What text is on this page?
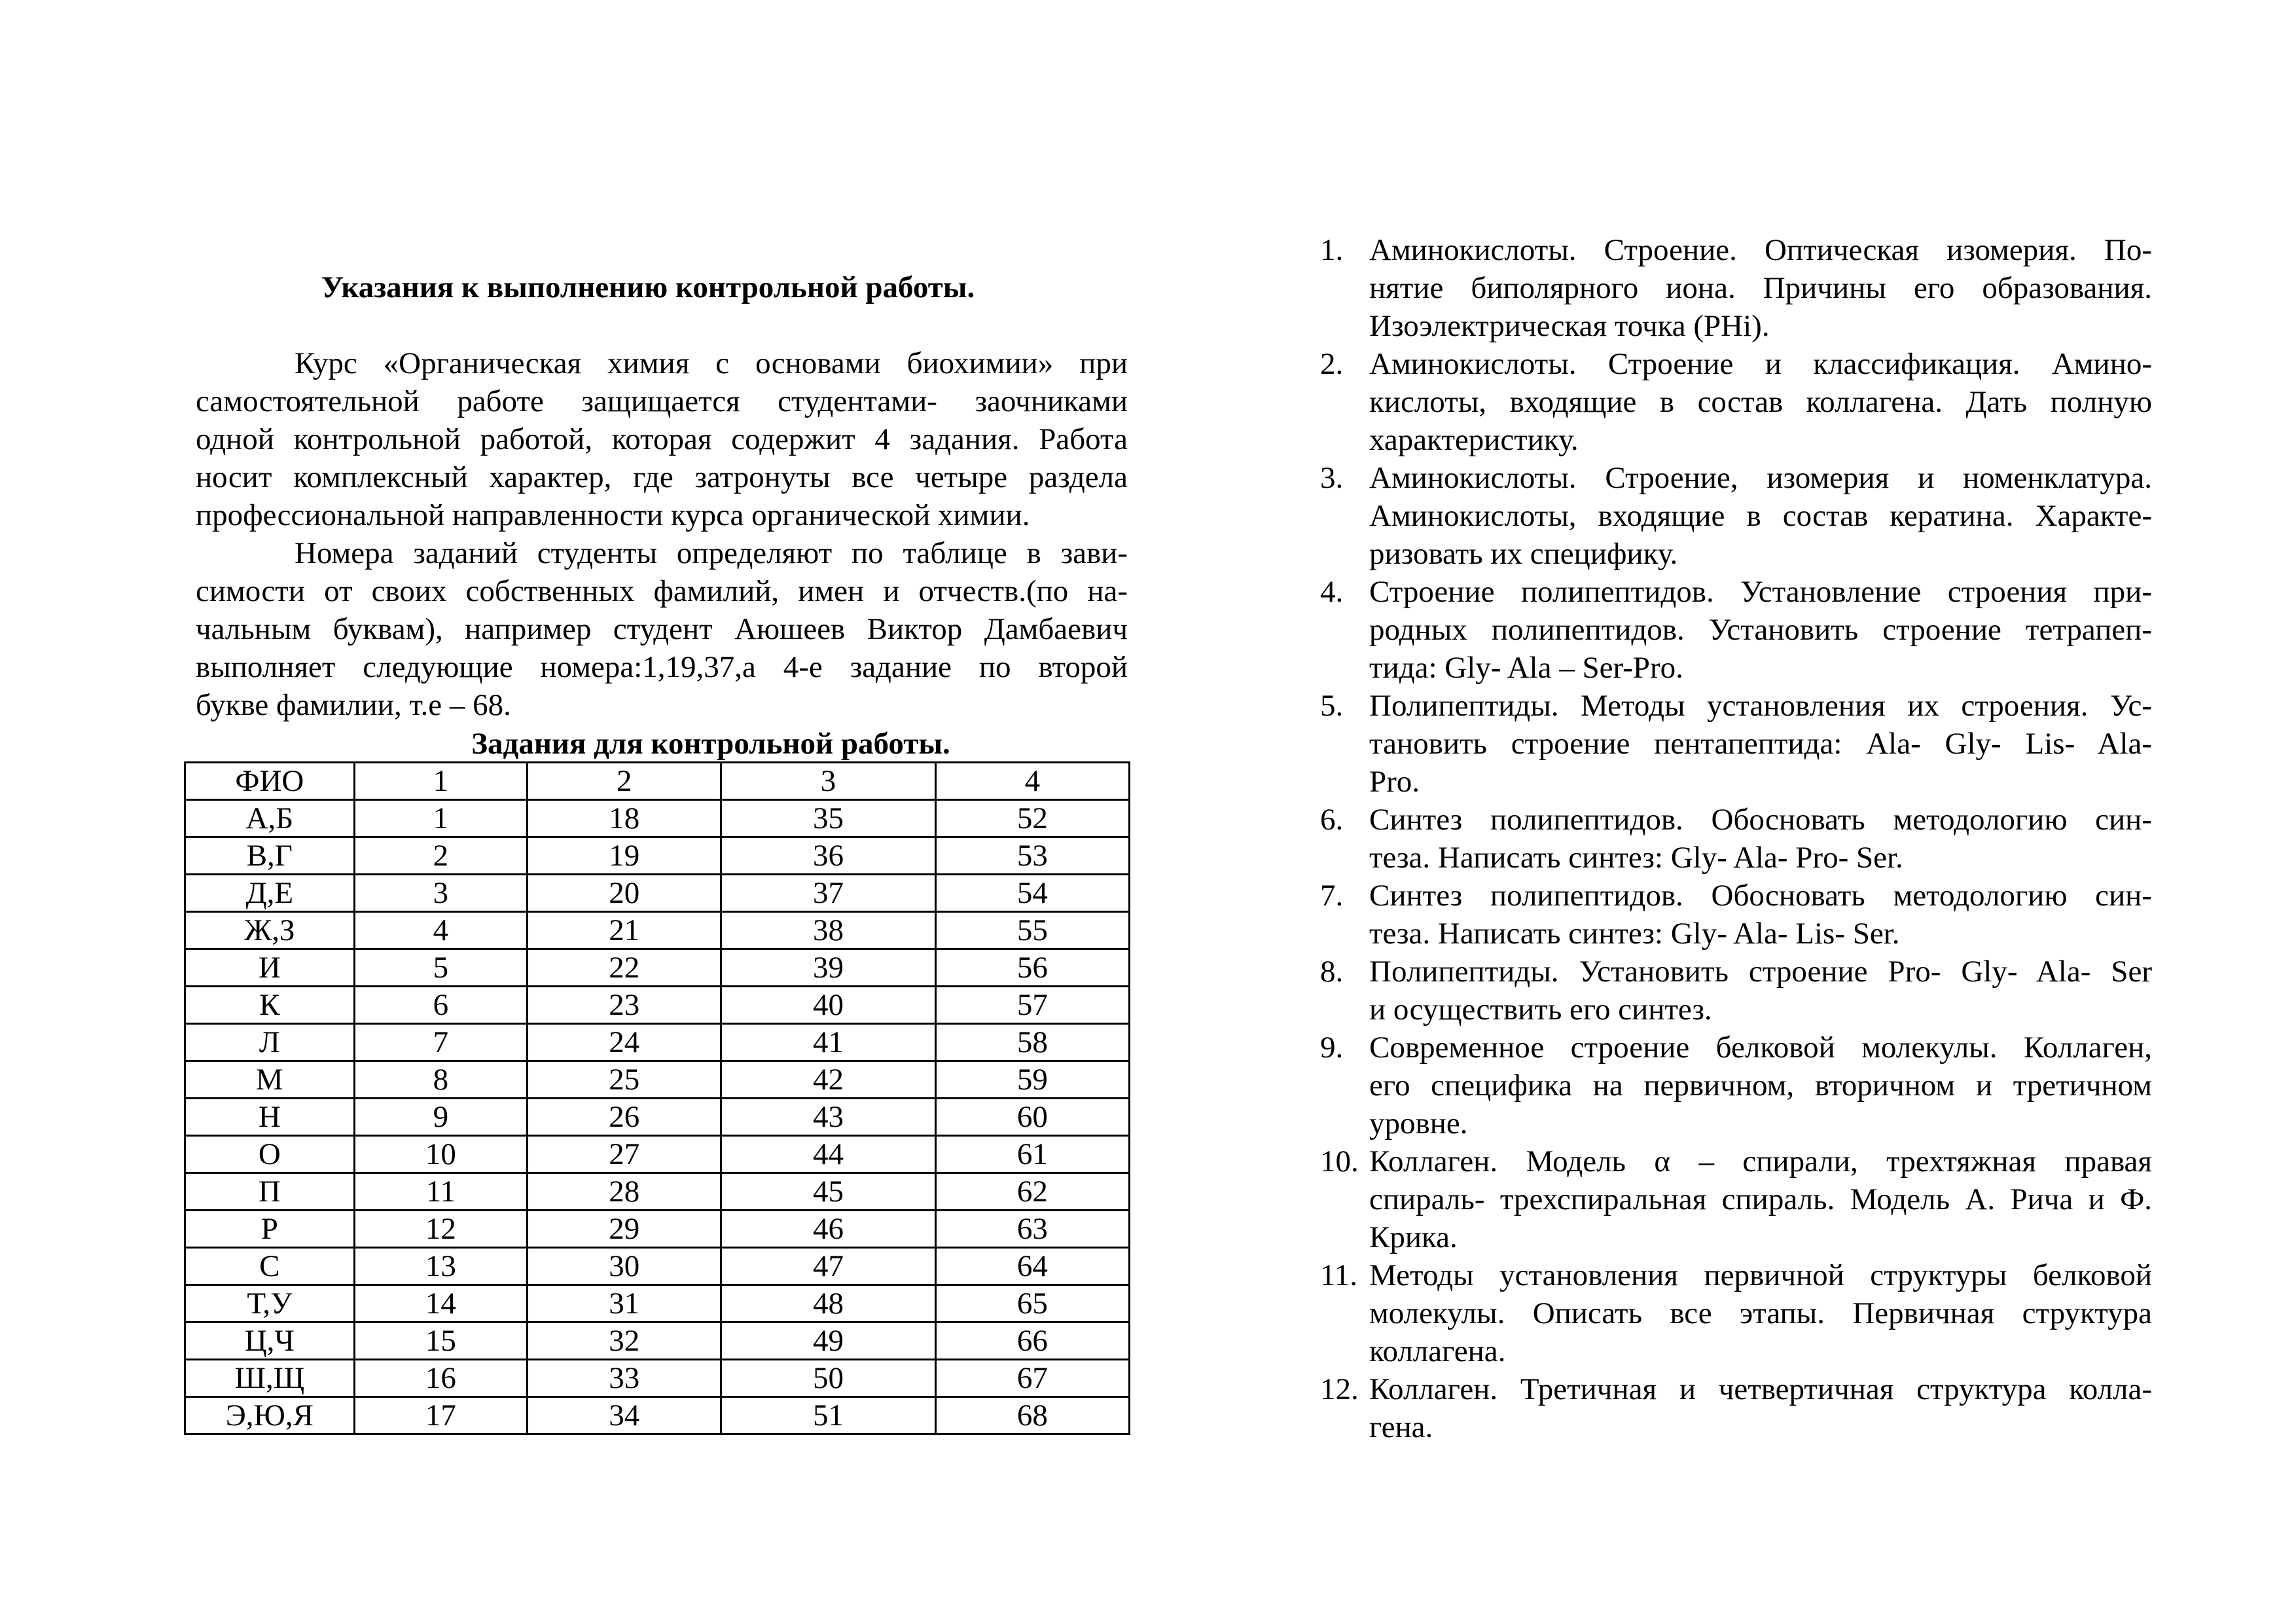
Указания к выполнению контрольной работы.
Курс «Органическая химия с основами биохимии» при
самостоятельной работе защищается студентами- заочниками
одной контрольной работой, которая содержит 4 задания. Работа
носит комплексный характер, где затронуты все четыре раздела
профессиональной направленности курса органической химии.
Номера заданий студенты определяют по таблице в зави-
симости от своих собственных фамилий, имен и отчеств.(по на-
чальным буквам), например студент Аюшеев Виктор Дамбаевич
выполняет следующие номера:1,19,37,а 4-е задание по второй
букве фамилии, т.е – 68.
Задания для контрольной работы.
ФИО	1	2	3	4
А,Б	1	18	35	52
В,Г	2	19	36	53
Д,Е	3	20	37	54
Ж,З	4	21	38	55
И	5	22	39	56
К	6	23	40	57
Л	7	24	41	58
М	8	25	42	59
Н	9	26	43	60
О	10	27	44	61
П	11	28	45	62
Р	12	29	46	63
С	13	30	47	64
Т,У	14	31	48	65
Ц,Ч	15	32	49	66
Ш,Щ	16	33	50	67
Э,Ю,Я	17	34	51	68
1. Аминокислоты. Строение. Оптическая изомерия. По-
нятие биполярного иона. Причины его образования.
Изоэлектрическая точка (PHi).
2. Аминокислоты. Строение и классификация. Амино-
кислоты, входящие в состав коллагена. Дать полную
характеристику.
3. Аминокислоты. Строение, изомерия и номенклатура.
Аминокислоты, входящие в состав кератина. Характе-
ризовать их специфику.
4. Строение полипептидов. Установление строения при-
родных полипептидов. Установить строение тетрапеп-
тида: Gly- Ala – Ser-Pro.
5. Полипептиды. Методы установления их строения. Ус-
тановить строение пентапептида: Ala- Gly- Lis- Ala-
Pro.
6. Синтез полипептидов. Обосновать методологию син-
теза. Написать синтез: Gly- Ala- Pro- Ser.
7. Синтез полипептидов. Обосновать методологию син-
теза. Написать синтез: Gly- Ala- Lis- Ser.
8. Полипептиды. Установить строение Pro- Gly- Ala- Ser
и осуществить его синтез.
9. Современное строение белковой молекулы. Коллаген,
его специфика на первичном, вторичном и третичном
уровне.
10. Коллаген. Модель α – спирали, трехтяжная правая
спираль- трехспиральная спираль. Модель А. Рича и Ф.
Крика.
11. Методы установления первичной структуры белковой
молекулы. Описать все этапы. Первичная структура
коллагена.
12. Коллаген. Третичная и четвертичная структура колла-
гена.
